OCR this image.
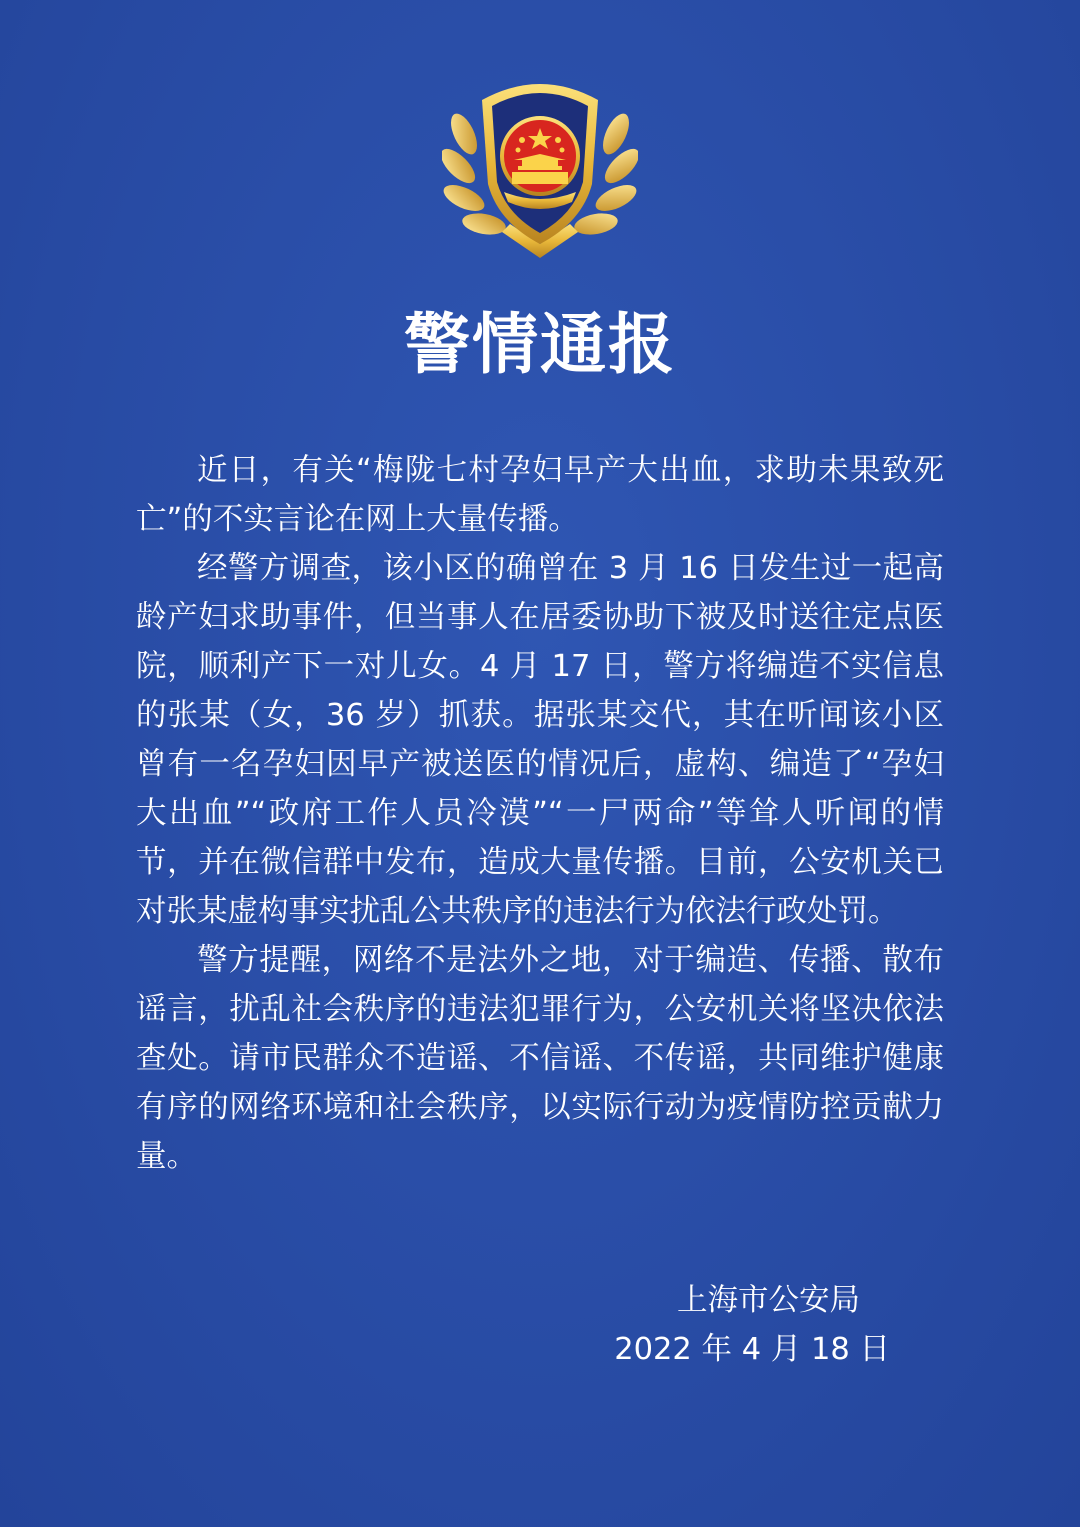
警情通报

近日，有关“梅陇七村孕妇早产大出血，求助未果致死亡”的不实言论在网上大量传播。

经警方调查，该小区的确曾在 3 月 16 日发生过一起高龄产妇求助事件，但当事人在居委协助下被及时送往定点医院，顺利产下一对儿女。4 月 17 日，警方将编造不实信息的张某（女，36 岁）抓获。据张某交代，其在听闻该小区曾有一名孕妇因早产被送医的情况后，虚构、编造了“孕妇大出血”“政府工作人员冷漠”“一尸两命”等耸人听闻的情节，并在微信群中发布，造成大量传播。目前，公安机关已对张某虚构事实扰乱公共秩序的违法行为依法行政处罚。

警方提醒，网络不是法外之地，对于编造、传播、散布谣言，扰乱社会秩序的违法犯罪行为，公安机关将坚决依法查处。请市民群众不造谣、不信谣、不传谣，共同维护健康有序的网络环境和社会秩序，以实际行动为疫情防控贡献力量。

上海市公安局
2022 年 4 月 18 日
